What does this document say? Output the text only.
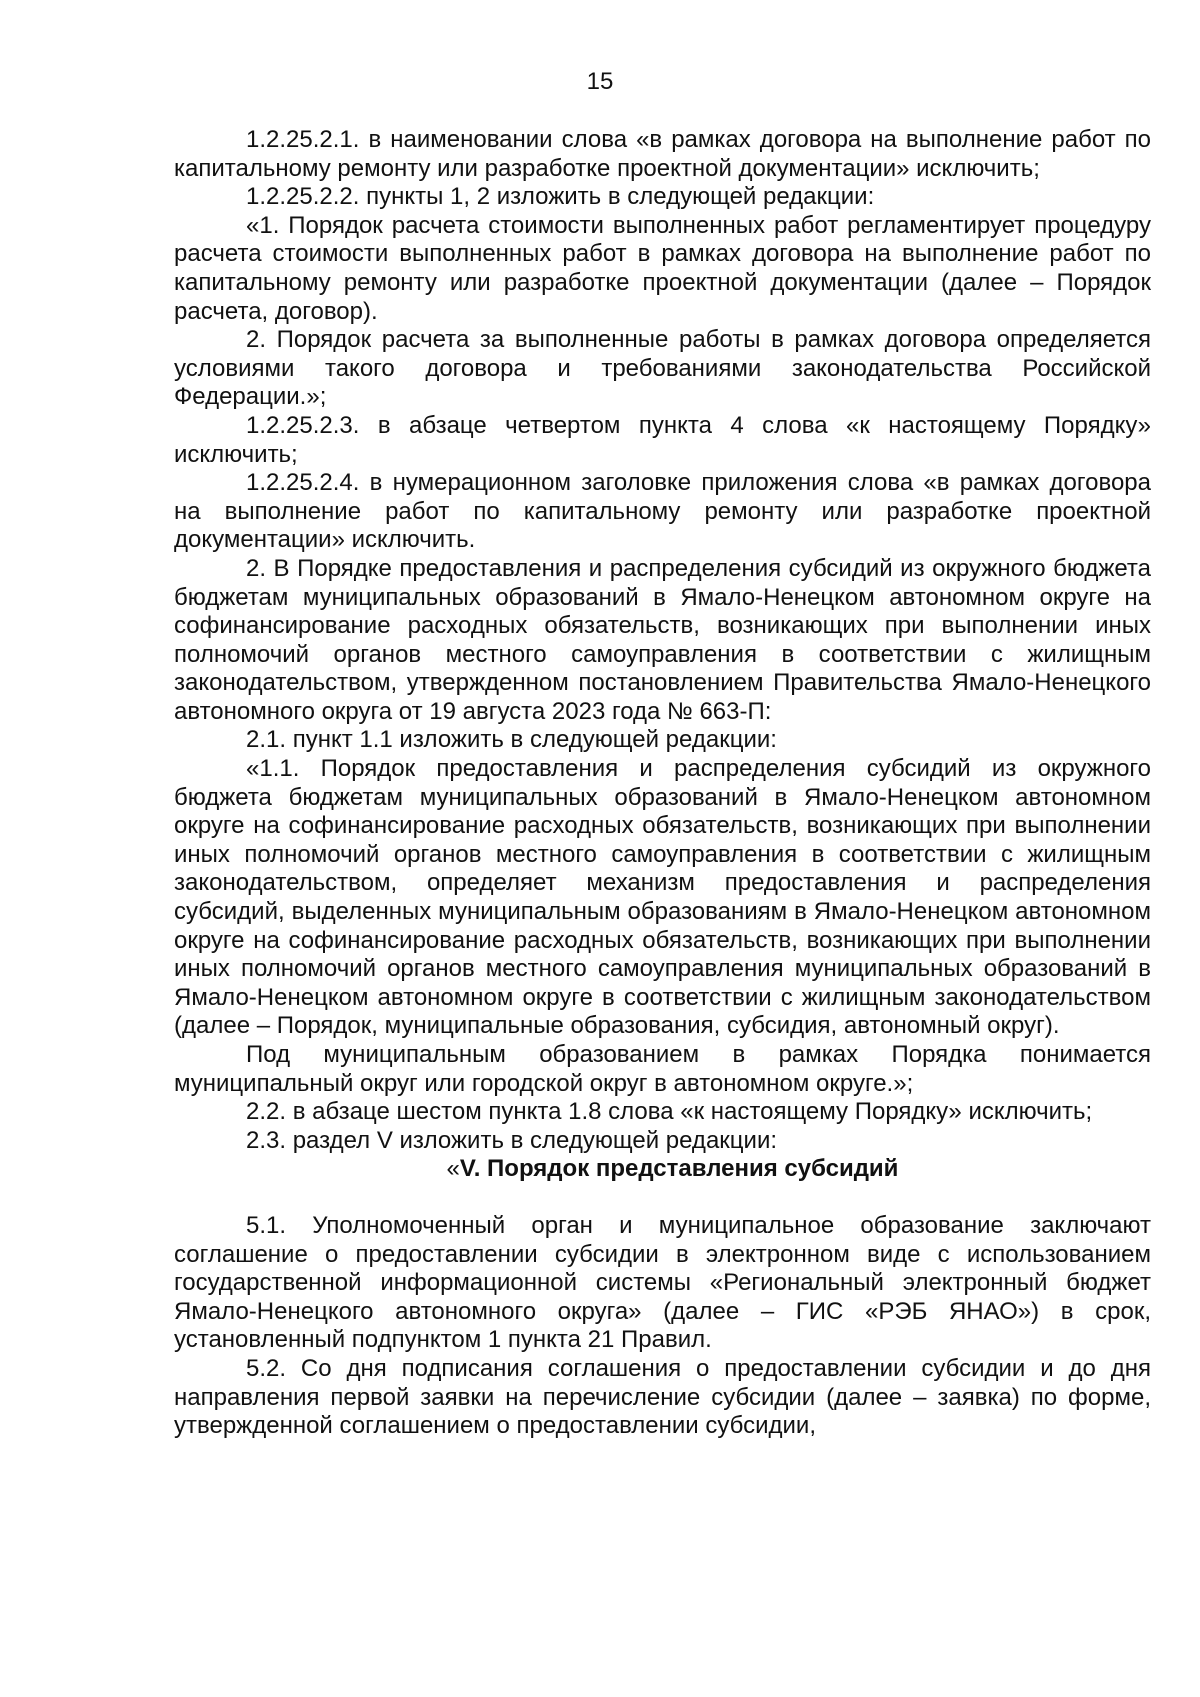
15

1.2.25.2.1. в наименовании слова «в рамках договора на выполнение работ по капитальному ремонту или разработке проектной документации» исключить;

1.2.25.2.2. пункты 1, 2 изложить в следующей редакции:

«1. Порядок расчета стоимости выполненных работ регламентирует процедуру расчета стоимости выполненных работ в рамках договора на выполнение работ по капитальному ремонту или разработке проектной документации (далее – Порядок расчета, договор).

2. Порядок расчета за выполненные работы в рамках договора определяется условиями такого договора и требованиями законодательства Российской Федерации.»;

1.2.25.2.3. в абзаце четвертом пункта 4 слова «к настоящему Порядку» исключить;

1.2.25.2.4. в нумерационном заголовке приложения слова «в рамках договора на выполнение работ по капитальному ремонту или разработке проектной документации» исключить.

2. В Порядке предоставления и распределения субсидий из окружного бюджета бюджетам муниципальных образований в Ямало-Ненецком автономном округе на софинансирование расходных обязательств, возникающих при выполнении иных полномочий органов местного самоуправления в соответствии с жилищным законодательством, утвержденном постановлением Правительства Ямало-Ненецкого автономного округа от 19 августа 2023 года № 663-П:

2.1. пункт 1.1 изложить в следующей редакции:

«1.1. Порядок предоставления и распределения субсидий из окружного бюджета бюджетам муниципальных образований в Ямало-Ненецком автономном округе на софинансирование расходных обязательств, возникающих при выполнении иных полномочий органов местного самоуправления в соответствии с жилищным законодательством, определяет механизм предоставления и распределения субсидий, выделенных муниципальным образованиям в Ямало-Ненецком автономном округе на софинансирование расходных обязательств, возникающих при выполнении иных полномочий органов местного самоуправления муниципальных образований в Ямало-Ненецком автономном округе в соответствии с жилищным законодательством (далее – Порядок, муниципальные образования, субсидия, автономный округ).

Под муниципальным образованием в рамках Порядка понимается муниципальный округ или городской округ в автономном округе.»;

2.2. в абзаце шестом пункта 1.8 слова «к настоящему Порядку» исключить;

2.3. раздел V изложить в следующей редакции:

«V. Порядок представления субсидий

5.1. Уполномоченный орган и муниципальное образование заключают соглашение о предоставлении субсидии в электронном виде с использованием государственной информационной системы «Региональный электронный бюджет Ямало-Ненецкого автономного округа» (далее – ГИС «РЭБ ЯНАО») в срок, установленный подпунктом 1 пункта 21 Правил.

5.2. Со дня подписания соглашения о предоставлении субсидии и до дня направления первой заявки на перечисление субсидии (далее – заявка) по форме, утвержденной соглашением о предоставлении субсидии,
